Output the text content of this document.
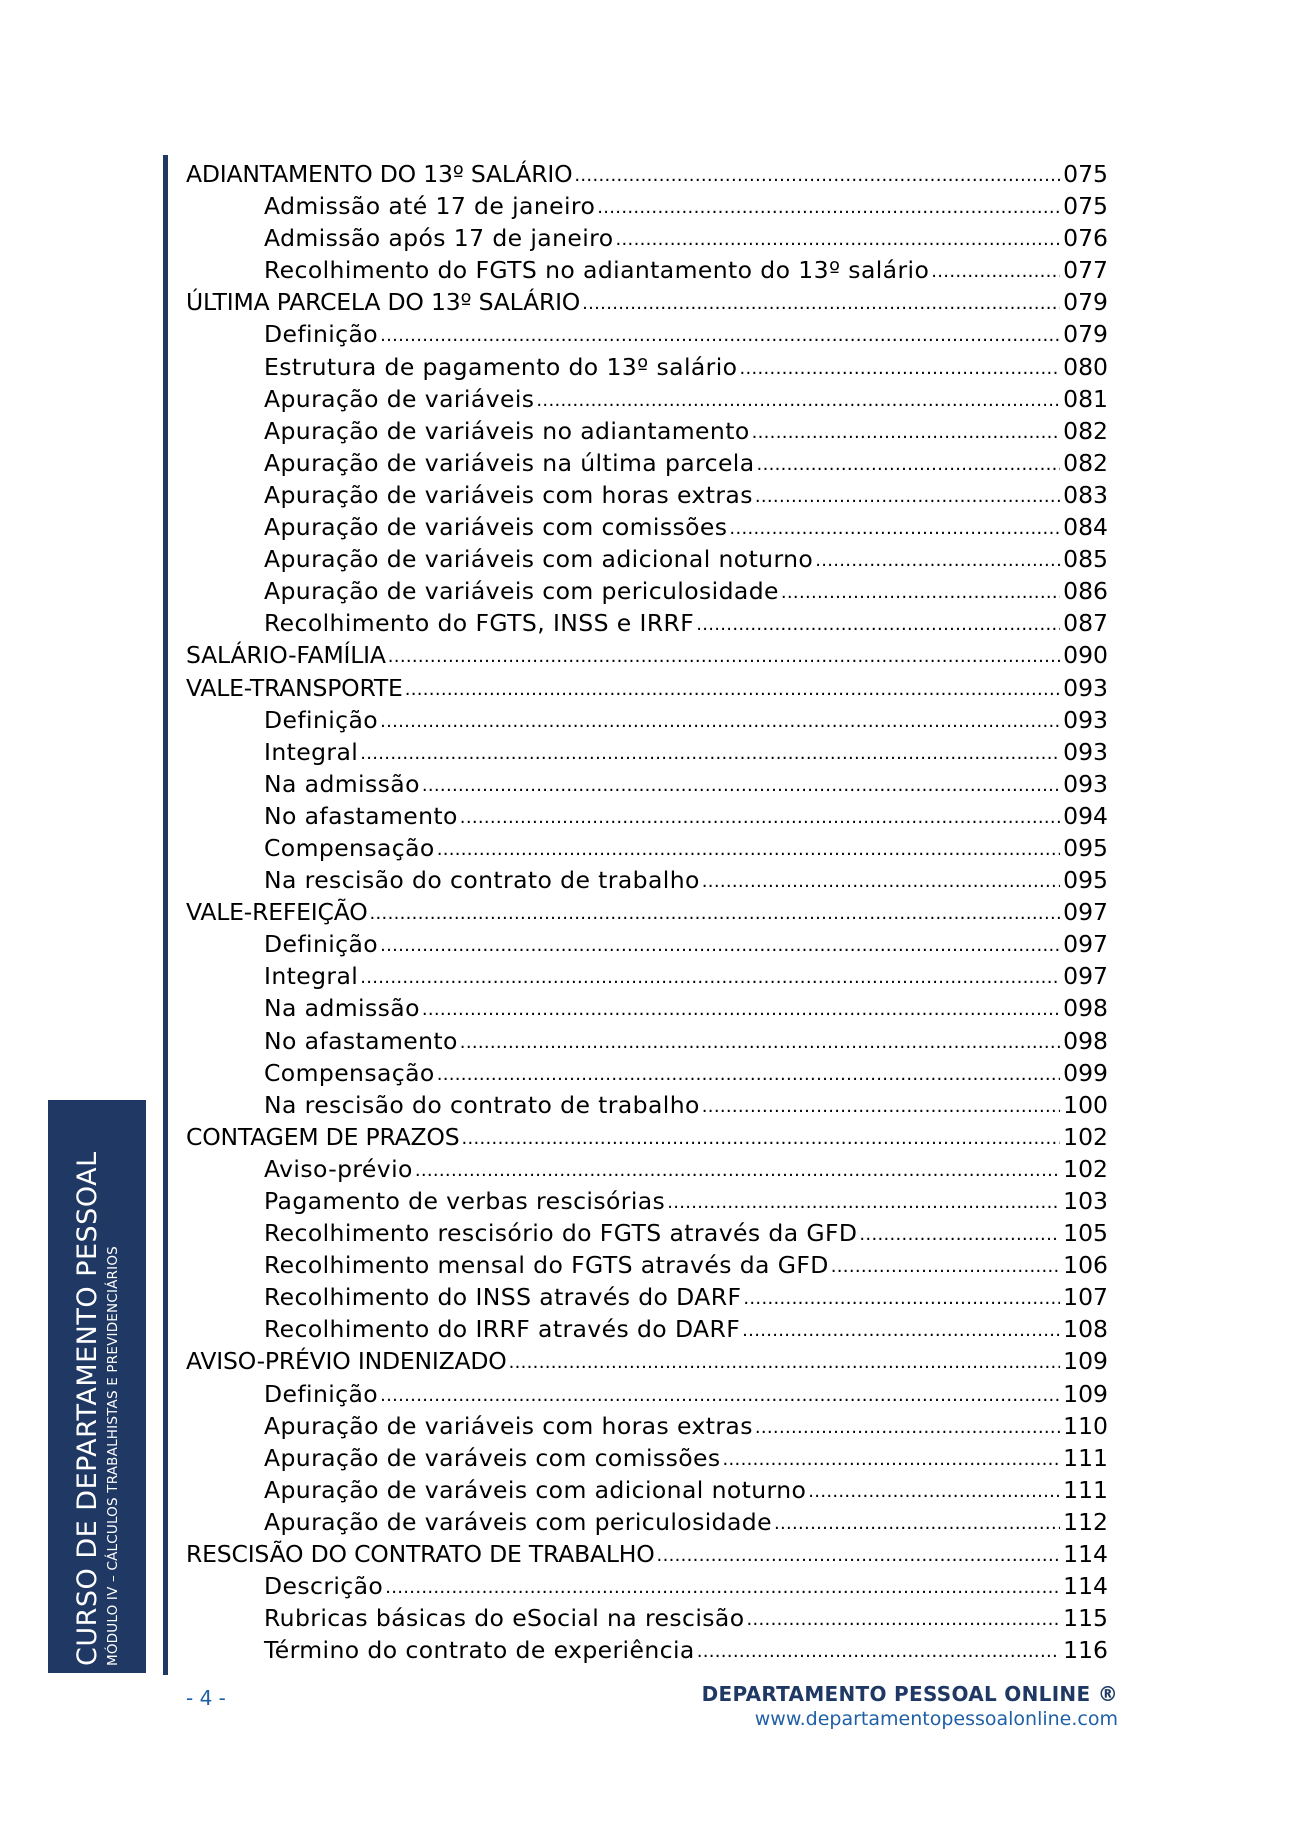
ADIANTAMENTO DO 13º SALÁRIO .....	075
Admissão até 17 de janeiro .....	075
Admissão após 17 de janeiro .....	076
Recolhimento do FGTS no adiantamento do 13º salário .....	077
ÚLTIMA PARCELA DO 13º SALÁRIO .....	079
Definição .....	079
Estrutura de pagamento do 13º salário .....	080
Apuração de variáveis .....	081
Apuração de variáveis no adiantamento .....	082
Apuração de variáveis na última parcela .....	082
Apuração de variáveis com horas extras .....	083
Apuração de variáveis com comissões .....	084
Apuração de variáveis com adicional noturno .....	085
Apuração de variáveis com periculosidade .....	086
Recolhimento do FGTS, INSS e IRRF .....	087
SALÁRIO-FAMÍLIA .....	090
VALE-TRANSPORTE .....	093
Definição .....	093
Integral .....	093
Na admissão .....	093
No afastamento .....	094
Compensação .....	095
Na rescisão do contrato de trabalho .....	095
VALE-REFEIÇÃO .....	097
Definição .....	097
Integral .....	097
Na admissão .....	098
No afastamento .....	098
Compensação .....	099
Na rescisão do contrato de trabalho .....	100
CONTAGEM DE PRAZOS .....	102
Aviso-prévio .....	102
Pagamento de verbas rescisórias .....	103
Recolhimento rescisório do FGTS através da GFD .....	105
Recolhimento mensal do FGTS através da GFD .....	106
Recolhimento do INSS através do DARF .....	107
Recolhimento do IRRF através do DARF .....	108
AVISO-PRÉVIO INDENIZADO .....	109
Definição .....	109
Apuração de variáveis com horas extras .....	110
Apuração de varáveis com comissões .....	111
Apuração de varáveis com adicional noturno .....	111
Apuração de varáveis com periculosidade .....	112
RESCISÃO DO CONTRATO DE TRABALHO .....	114
Descrição .....	114
Rubricas básicas do eSocial na rescisão .....	115
Término do contrato de experiência .....	116
CURSO DE DEPARTAMENTO PESSOAL MÓDULO IV – CÁLCULOS TRABALHISTAS E PREVIDENCIÁRIOS
- 4 -	DEPARTAMENTO PESSOAL ONLINE ®
www.departamentopessoalonline.com
